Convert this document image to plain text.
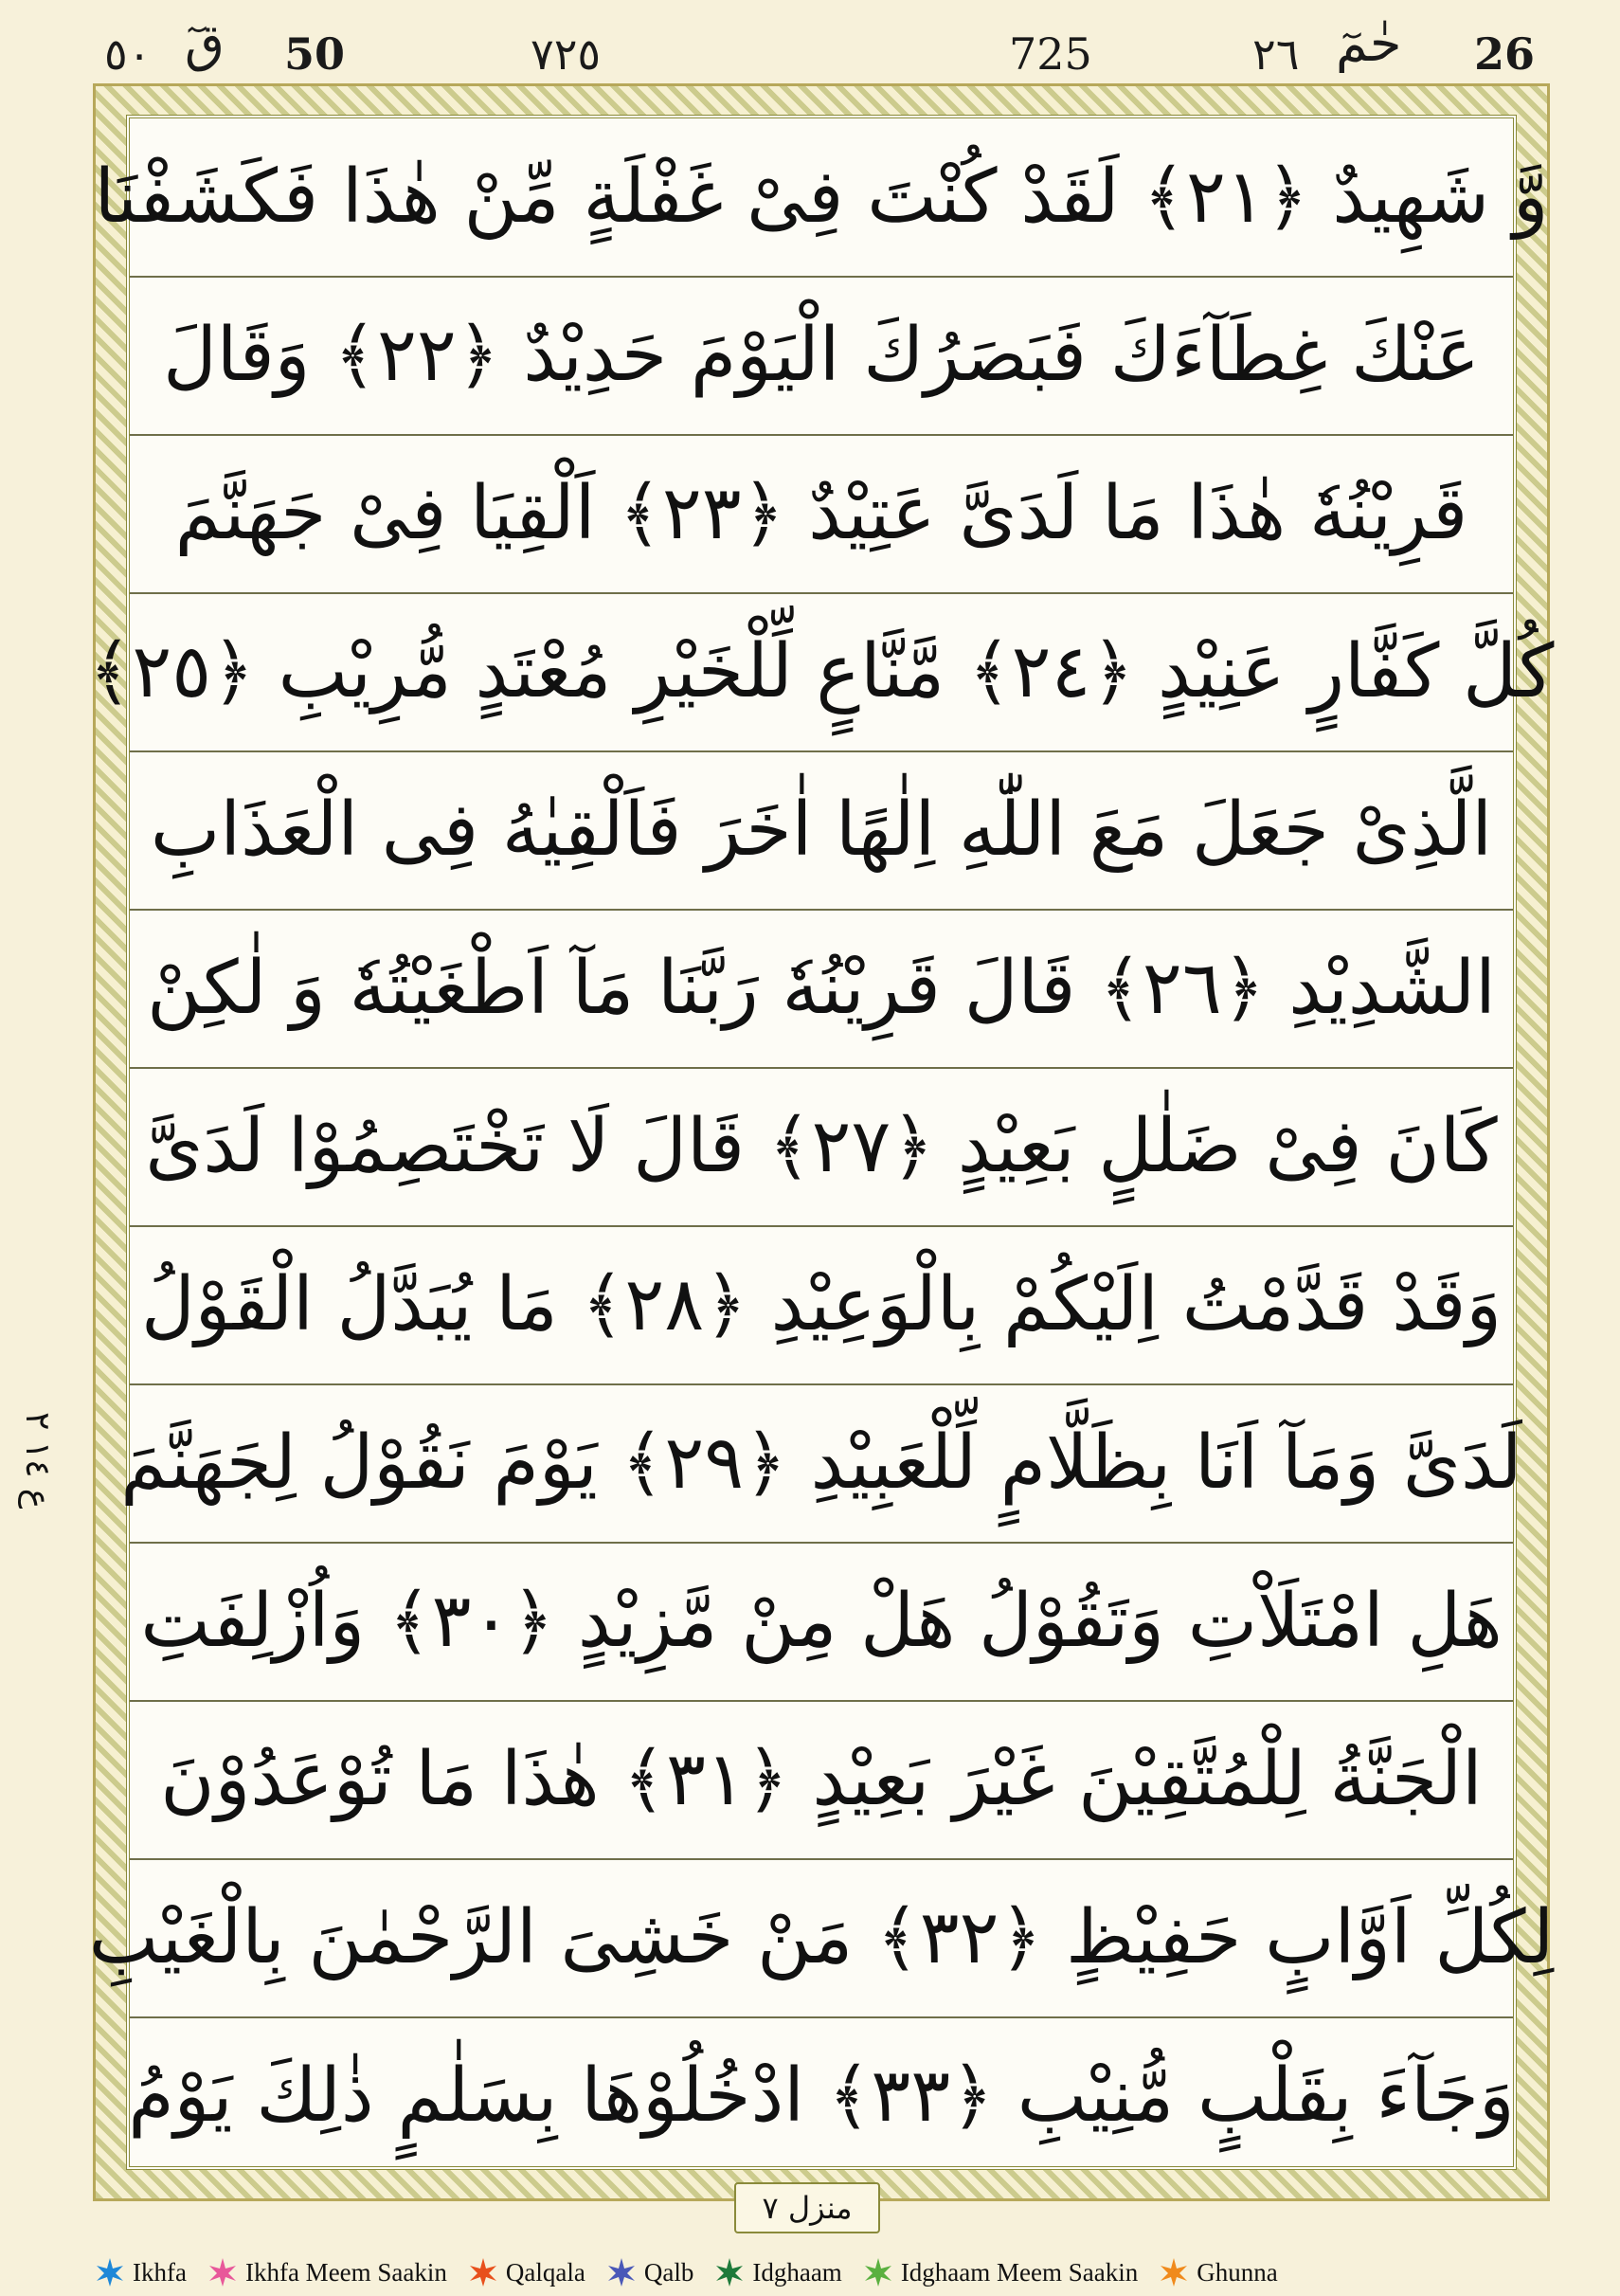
٥٠ قٓ 50	٧٢٥	725	٢٦ حٰمٓ 26
ع ١٤ ٢
وَّ شَهِيدٌ ﴿٢١﴾ لَقَدْ كُنْتَ فِیْ غَفْلَةٍ مِّنْ هٰذَا فَكَشَفْنَا
عَنْكَ غِطَآءَكَ فَبَصَرُكَ الْيَوْمَ حَدِيْدٌ ﴿٢٢﴾ وَقَالَ
قَرِيْنُهٗ هٰذَا مَا لَدَیَّ عَتِيْدٌ ﴿٢٣﴾ اَلْقِيَا فِیْ جَهَنَّمَ
كُلَّ كَفَّارٍ عَنِيْدٍ ﴿٢٤﴾ مَّنَّاعٍ لِّلْخَيْرِ مُعْتَدٍ مُّرِيْبِ ﴿٢٥﴾
الَّذِیْ جَعَلَ مَعَ اللّٰهِ اِلٰهًا اٰخَرَ فَاَلْقِيٰهُ فِی الْعَذَابِ
الشَّدِيْدِ ﴿٢٦﴾ قَالَ قَرِيْنُهٗ رَبَّنَا مَآ اَطْغَيْتُهٗ وَ لٰكِنْ
كَانَ فِیْ ضَلٰلٍ بَعِيْدٍ ﴿٢٧﴾ قَالَ لَا تَخْتَصِمُوْا لَدَیَّ
وَقَدْ قَدَّمْتُ اِلَيْكُمْ بِالْوَعِيْدِ ﴿٢٨﴾ مَا يُبَدَّلُ الْقَوْلُ
لَدَیَّ وَمَآ اَنَا بِظَلَّامٍ لِّلْعَبِيْدِ ﴿٢٩﴾ يَوْمَ نَقُوْلُ لِجَهَنَّمَ
هَلِ امْتَلَاْتِ وَتَقُوْلُ هَلْ مِنْ مَّزِيْدٍ ﴿٣٠﴾ وَاُزْلِفَتِ
الْجَنَّةُ لِلْمُتَّقِيْنَ غَيْرَ بَعِيْدٍ ﴿٣١﴾ هٰذَا مَا تُوْعَدُوْنَ
لِكُلِّ اَوَّابٍ حَفِيْظٍ ﴿٣٢﴾ مَنْ خَشِیَ الرَّحْمٰنَ بِالْغَيْبِ
وَجَآءَ بِقَلْبٍ مُّنِيْبِ ﴿٣٣﴾ ادْخُلُوْهَا بِسَلٰمٍ ذٰلِكَ يَوْمُ
منزل ٧
Ikhfa Ikhfa Meem Saakin Qalqala Qalb Idghaam Idghaam Meem Saakin Ghunna
